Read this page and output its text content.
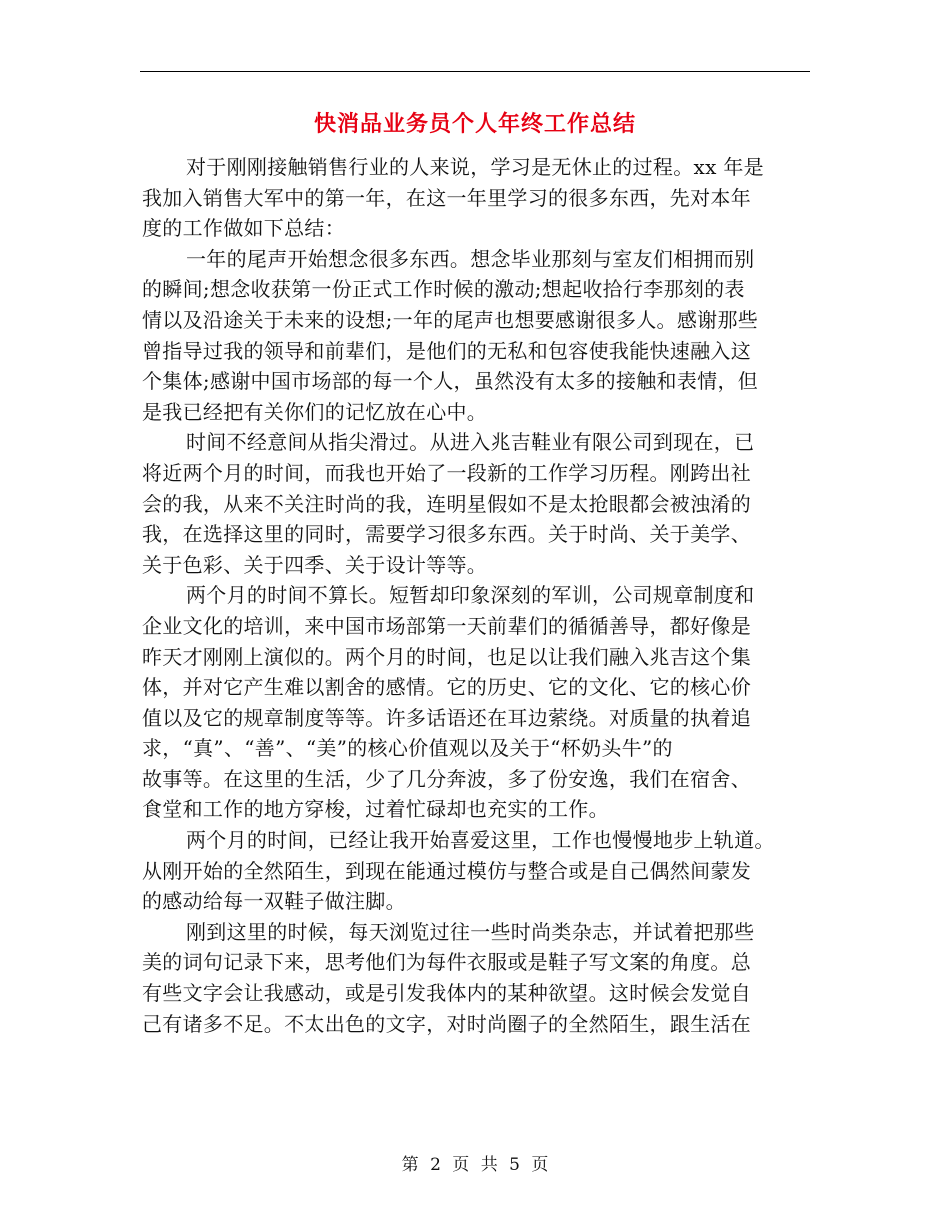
快消品业务员个人年终工作总结
对于刚刚接触销售行业的人来说，学习是无休止的过程。xx 年是
我加入销售大军中的第一年，在这一年里学习的很多东西，先对本年
度的工作做如下总结：
一年的尾声开始想念很多东西。想念毕业那刻与室友们相拥而别
的瞬间;想念收获第一份正式工作时候的激动;想起收拾行李那刻的表
情以及沿途关于未来的设想;一年的尾声也想要感谢很多人。感谢那些
曾指导过我的领导和前辈们，是他们的无私和包容使我能快速融入这
个集体;感谢中国市场部的每一个人，虽然没有太多的接触和表情，但
是我已经把有关你们的记忆放在心中。
时间不经意间从指尖滑过。从进入兆吉鞋业有限公司到现在，已
将近两个月的时间，而我也开始了一段新的工作学习历程。刚跨出社
会的我，从来不关注时尚的我，连明星假如不是太抢眼都会被浊淆的
我，在选择这里的同时，需要学习很多东西。关于时尚、关于美学、
关于色彩、关于四季、关于设计等等。
两个月的时间不算长。短暂却印象深刻的军训，公司规章制度和
企业文化的培训，来中国市场部第一天前辈们的循循善导，都好像是
昨天才刚刚上演似的。两个月的时间，也足以让我们融入兆吉这个集
体，并对它产生难以割舍的感情。它的历史、它的文化、它的核心价
值以及它的规章制度等等。许多话语还在耳边萦绕。对质量的执着追
求，“真”、“善”、“美”的核心价值观以及关于“杯奶头牛”的
故事等。在这里的生活，少了几分奔波，多了份安逸，我们在宿舍、
食堂和工作的地方穿梭，过着忙碌却也充实的工作。
两个月的时间，已经让我开始喜爱这里，工作也慢慢地步上轨道。
从刚开始的全然陌生，到现在能通过模仿与整合或是自己偶然间蒙发
的感动给每一双鞋子做注脚。
刚到这里的时候，每天浏览过往一些时尚类杂志，并试着把那些
美的词句记录下来，思考他们为每件衣服或是鞋子写文案的角度。总
有些文字会让我感动，或是引发我体内的某种欲望。这时候会发觉自
己有诸多不足。不太出色的文字，对时尚圈子的全然陌生，跟生活在
第 2 页 共 5 页
